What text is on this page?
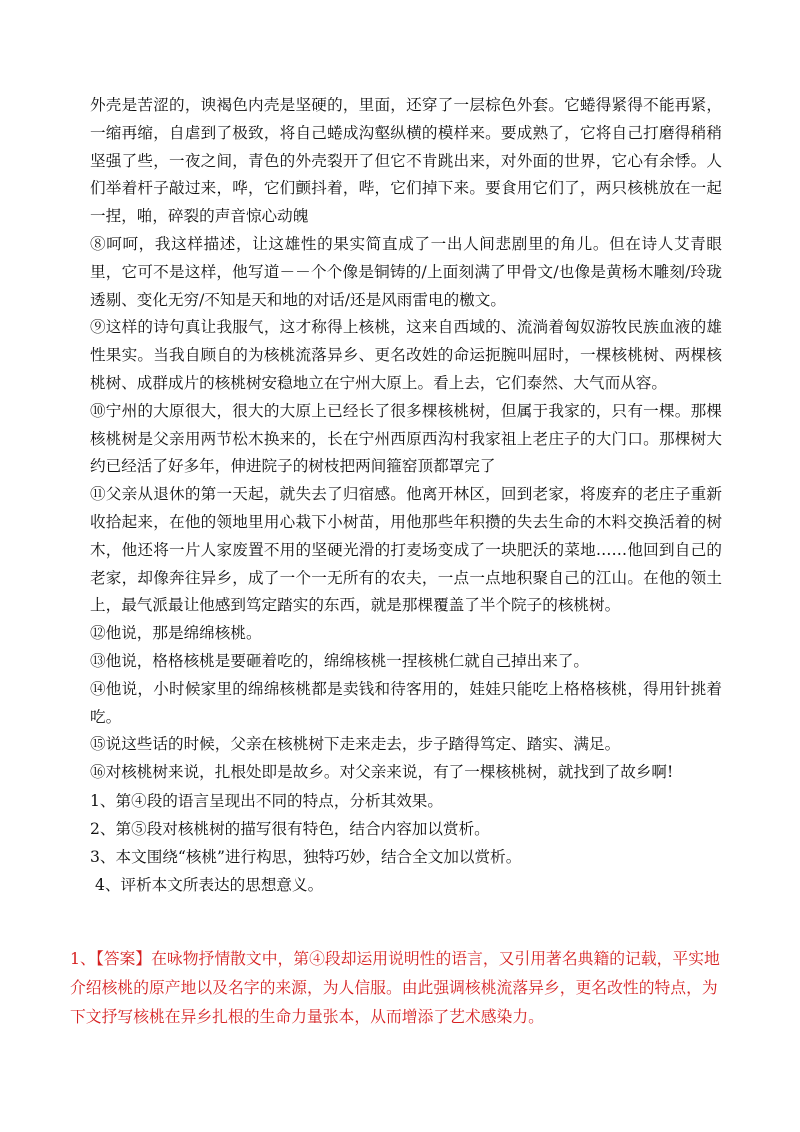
外壳是苦涩的，谀褐色内壳是坚硬的，里面，还穿了一层棕色外套。它蜷得紧得不能再紧，一缩再缩，自虐到了极致，将自己蜷成沟壑纵横的模样来。要成熟了，它将自己打磨得稍稍坚强了些，一夜之间，青色的外壳裂开了但它不肯跳出来，对外面的世界，它心有余悸。人们举着杆子敲过来，哗，它们颤抖着，哔，它们掉下来。要食用它们了，两只核桃放在一起一捏，啪，碎裂的声音惊心动魄

⑧呵呵，我这样描述，让这雄性的果实简直成了一出人间悲剧里的角儿。但在诗人艾青眼里，它可不是这样，他写道－－个个像是铜铸的/上面刻满了甲骨文/也像是黄杨木雕刻/玲珑透剔、变化无穷/不知是天和地的对话/还是风雨雷电的檄文。

⑨这样的诗句真让我服气，这才称得上核桃，这来自西域的、流淌着匈奴游牧民族血液的雄性果实。当我自顾自的为核桃流落异乡、更名改姓的命运扼腕叫屈时，一棵核桃树、两棵核桃树、成群成片的核桃树安稳地立在宁州大原上。看上去，它们泰然、大气而从容。

⑩宁州的大原很大，很大的大原上已经长了很多棵核桃树，但属于我家的，只有一棵。那棵核桃树是父亲用两节松木换来的，长在宁州西原西沟村我家祖上老庄子的大门口。那棵树大约已经活了好多年，伸进院子的树枝把两间箍窑顶都罩完了

⑪父亲从退休的第一天起，就失去了归宿感。他离开林区，回到老家，将废弃的老庄子重新收拾起来，在他的领地里用心栽下小树苗，用他那些年积攒的失去生命的木料交换活着的树木，他还将一片人家废置不用的坚硬光滑的打麦场变成了一块肥沃的菜地……他回到自己的老家，却像奔往异乡，成了一个一无所有的农夫，一点一点地积聚自己的江山。在他的领土上，最气派最让他感到笃定踏实的东西，就是那棵覆盖了半个院子的核桃树。

⑫他说，那是绵绵核桃。

⑬他说，格格核桃是要砸着吃的，绵绵核桃一捏核桃仁就自己掉出来了。

⑭他说，小时候家里的绵绵核桃都是卖钱和待客用的，娃娃只能吃上格格核桃，得用针挑着吃。

⑮说这些话的时候，父亲在核桃树下走来走去，步子踏得笃定、踏实、满足。

⑯对核桃树来说，扎根处即是故乡。对父亲来说，有了一棵核桃树，就找到了故乡啊!

1、第④段的语言呈现出不同的特点，分析其效果。

2、第⑤段对核桃树的描写很有特色，结合内容加以赏析。

3、本文围绕“核桃”进行构思，独特巧妙，结合全文加以赏析。

4、评析本文所表达的思想意义。

1、【答案】在咏物抒情散文中，第④段却运用说明性的语言，又引用著名典籍的记载，平实地介绍核桃的原产地以及名字的来源，为人信服。由此强调核桃流落异乡，更名改性的特点，为下文抒写核桃在异乡扎根的生命力量张本，从而增添了艺术感染力。
